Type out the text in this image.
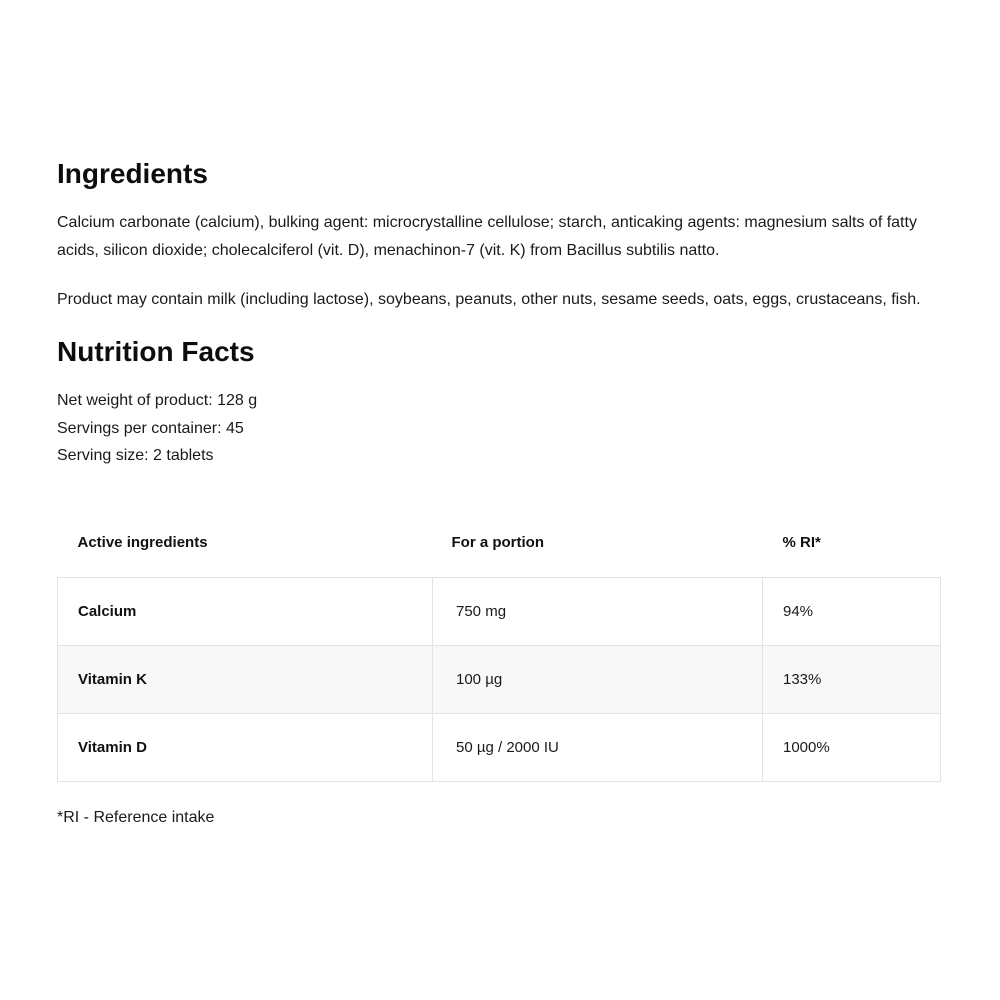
Ingredients

Calcium carbonate (calcium), bulking agent: microcrystalline cellulose; starch, anticaking agents: magnesium salts of fatty acids, silicon dioxide; cholecalciferol (vit. D), menachinon-7 (vit. K) from Bacillus subtilis natto.

Product may contain milk (including lactose), soybeans, peanuts, other nuts, sesame seeds, oats, eggs, crustaceans, fish.

Nutrition Facts
Net weight of product: 128 g
Servings per container: 45
Serving size: 2 tablets
Active ingredients	For a portion	% RI*
Calcium	750 mg	94%
Vitamin K	100 µg	133%
Vitamin D	50 µg / 2000 IU	1000%
*RI - Reference intake
